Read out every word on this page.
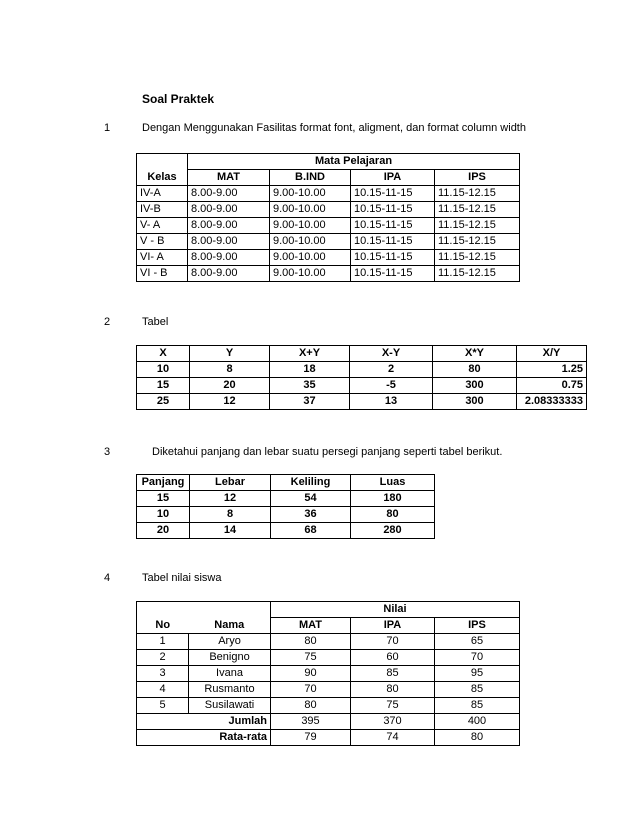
Soal Praktek
1	Dengan Menggunakan Fasilitas format font, aligment, dan format column width
	Mata Pelajaran			
Kelas	MAT	B.IND	IPA	IPS
IV-A	8.00-9.00	9.00-10.00	10.15-11-15	11.15-12.15
IV-B	8.00-9.00	9.00-10.00	10.15-11-15	11.15-12.15
V- A	8.00-9.00	9.00-10.00	10.15-11-15	11.15-12.15
V - B	8.00-9.00	9.00-10.00	10.15-11-15	11.15-12.15
VI- A	8.00-9.00	9.00-10.00	10.15-11-15	11.15-12.15
VI - B	8.00-9.00	9.00-10.00	10.15-11-15	11.15-12.15
2	Tabel
X	Y	X+Y	X-Y	X*Y	X/Y
10	8	18	2	80	1.25
15	20	35	-5	300	0.75
25	12	37	13	300	2.08333333
3	Diketahui panjang dan lebar suatu persegi panjang seperti tabel berikut.
Panjang	Lebar	Keliling	Luas
15	12	54	180
10	8	36	80
20	14	68	280
4	Tabel nilai siswa
		Nilai		
No	Nama	MAT	IPA	IPS
1	Aryo	80	70	65
2	Benigno	75	60	70
3	Ivana	90	85	95
4	Rusmanto	70	80	85
5	Susilawati	80	75	85
Jumlah		395	370	400
Rata-rata		79	74	80
